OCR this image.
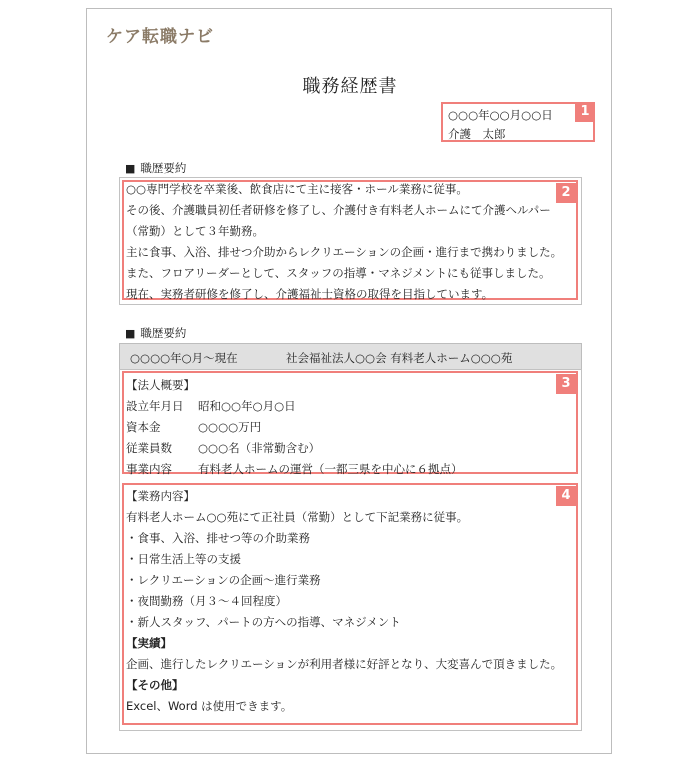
ケア転職ナビ
職務経歴書
○○○年○○月○○日
介護　太郎
1
■ 職歴要約
2
○○専門学校を卒業後、飲食店にて主に接客・ホール業務に従事。
その後、介護職員初任者研修を修了し、介護付き有料老人ホームにて介護ヘルパー
（常勤）として３年勤務。
主に食事、入浴、排せつ介助からレクリエーションの企画・進行まで携わりました。
また、フロアリーダーとして、スタッフの指導・マネジメントにも従事しました。
現在、実務者研修を修了し、介護福祉士資格の取得を目指しています。
■ 職歴要約
○○○○年○月～現在	社会福祉法人○○会 有料老人ホーム○○○苑
3
【法人概要】
設立年月日 昭和○○年○月○日
資本金	○○○○万円
従業員数 ○○○名（非常勤含む）
事業内容 有料老人ホームの運営（一都三県を中心に６拠点）
4
【業務内容】
有料老人ホーム○○苑にて正社員（常勤）として下記業務に従事。
・食事、入浴、排せつ等の介助業務
・日常生活上等の支援
・レクリエーションの企画～進行業務
・夜間勤務（月３～４回程度）
・新人スタッフ、パートの方への指導、マネジメント
【実績】
企画、進行したレクリエーションが利用者様に好評となり、大変喜んで頂きました。
【その他】
Excel、Word は使用できます。
